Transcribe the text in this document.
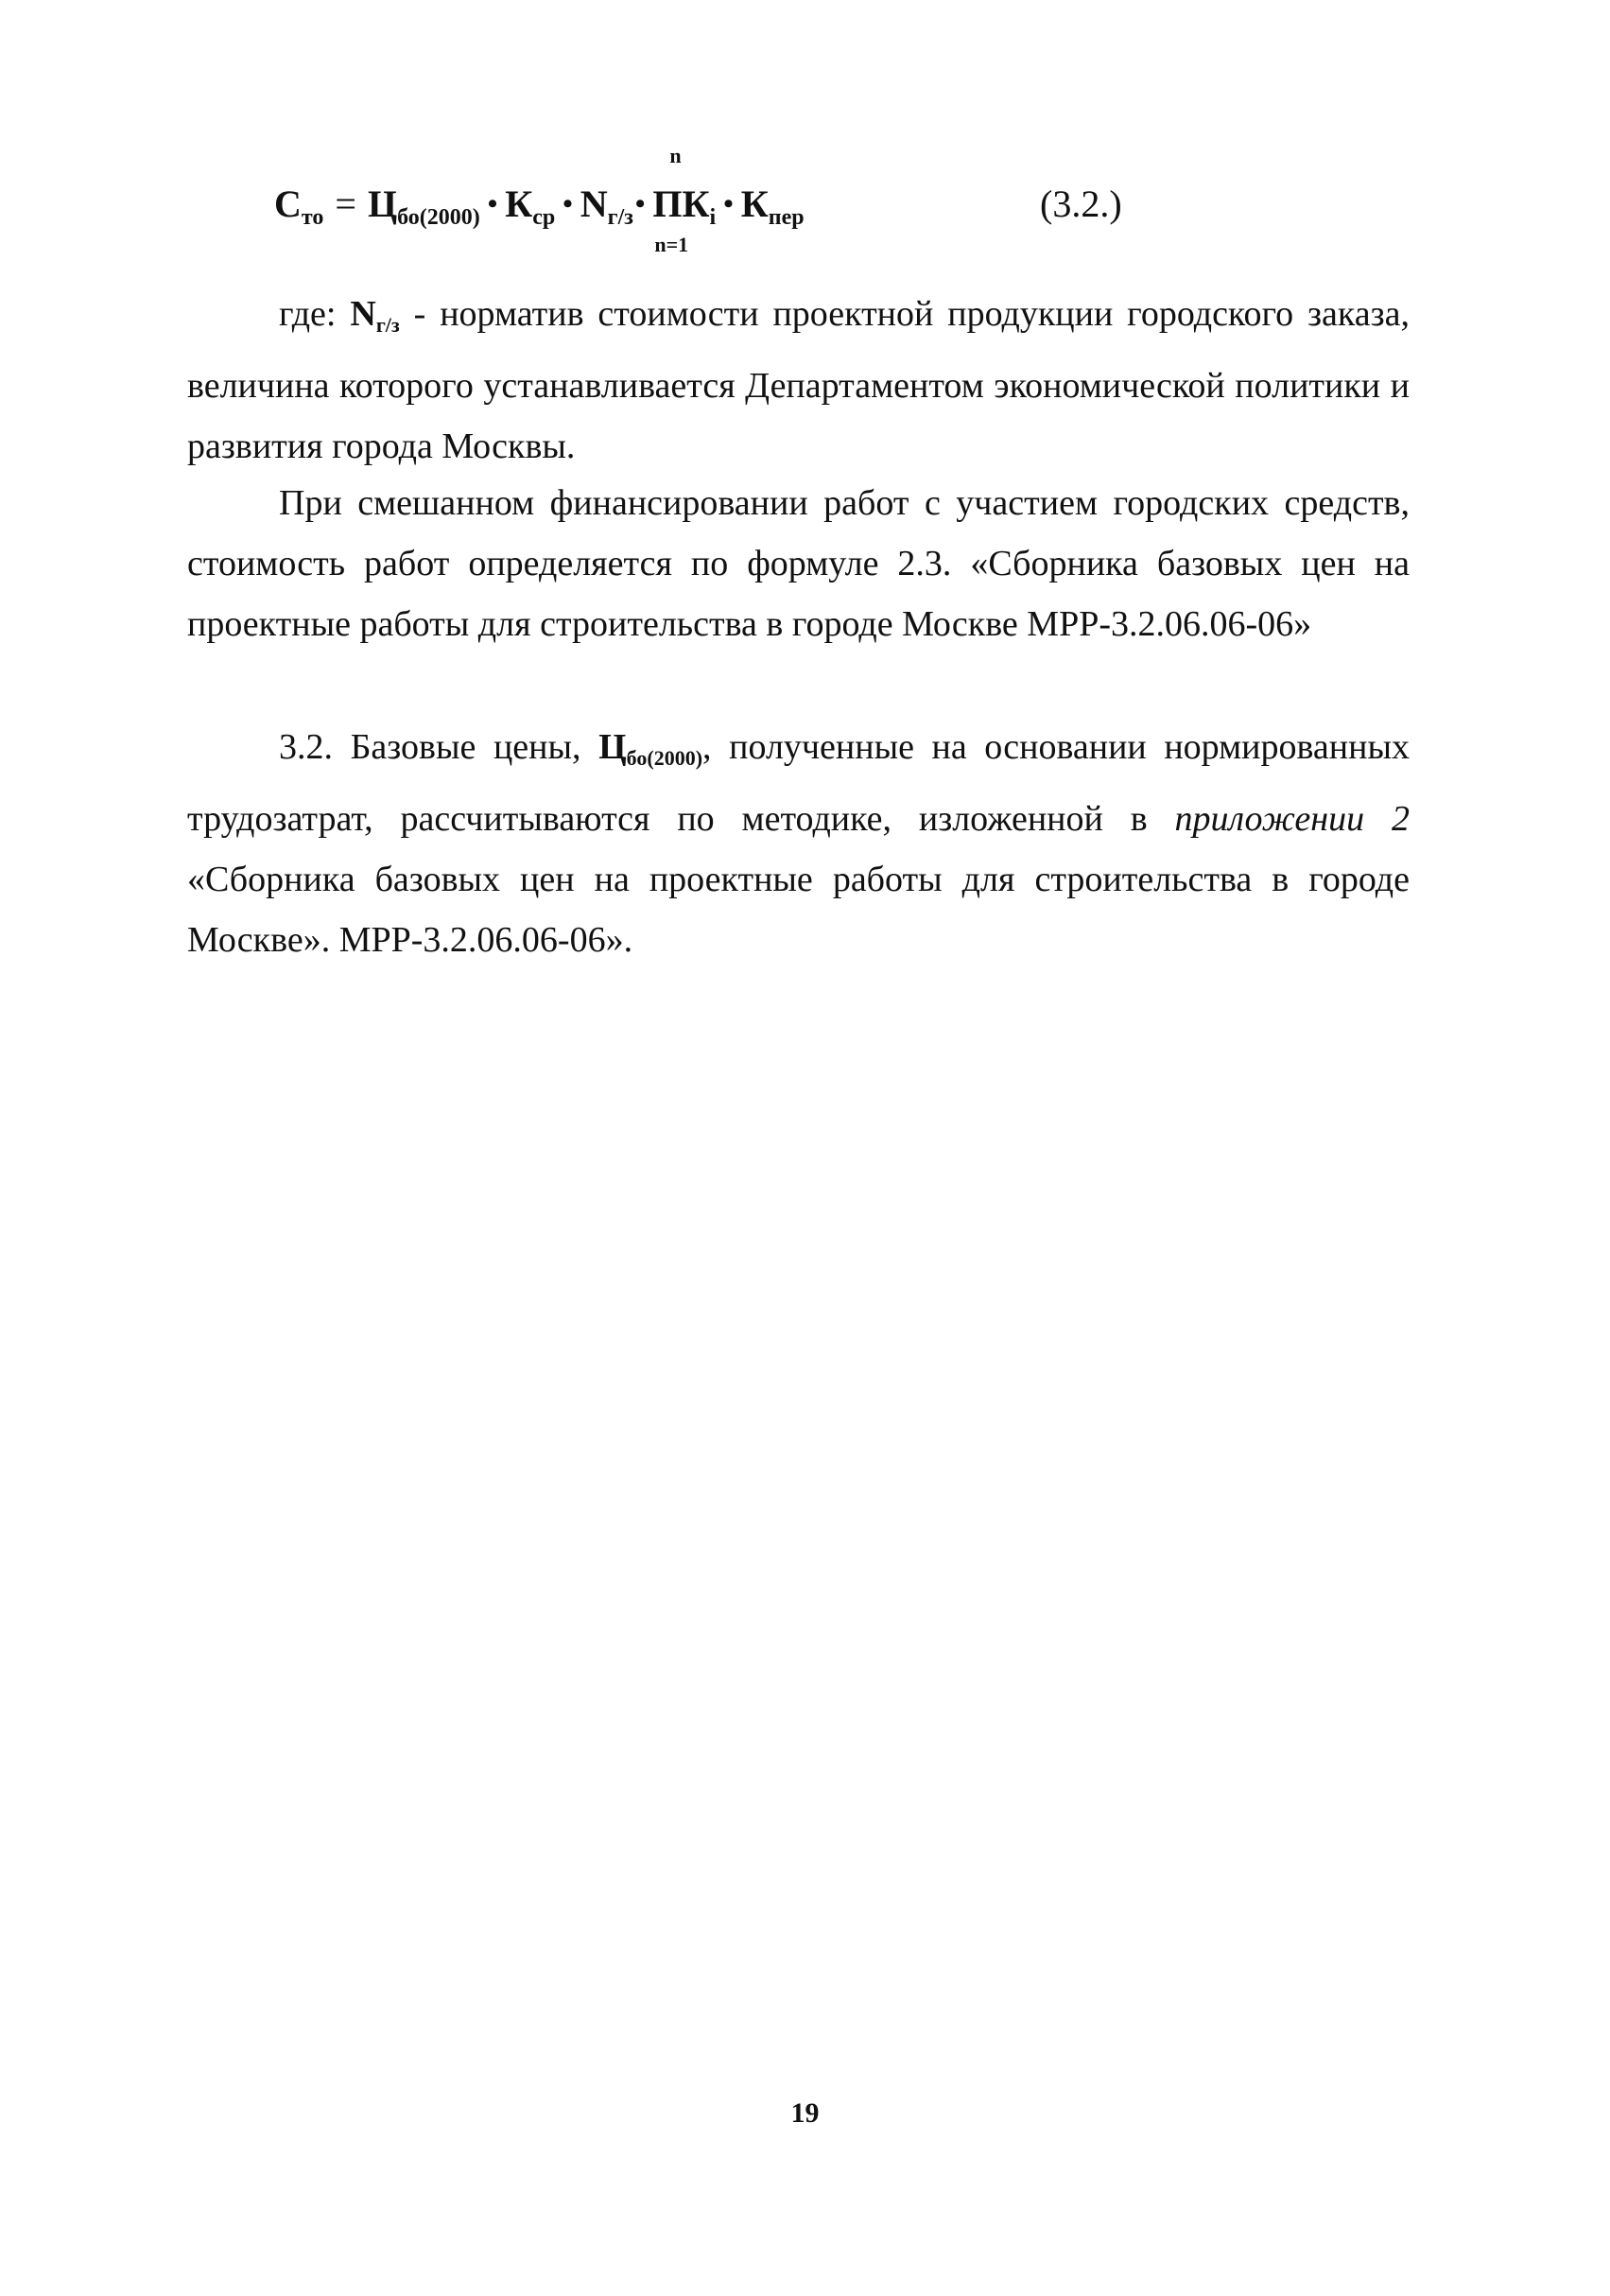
$С_{то} = Ц_{бо(2000)}$ • $К_{ср}$ • $N_{г/з}•$
n
$ПК_i$
n=1
• $К_{пер}$	(3.2.)

где: Nг/з - норматив стоимости проектной продукции городского заказа, величина которого устанавливается Департаментом экономической политики и развития города Москвы.

При смешанном финансировании работ с участием городских средств, стоимость работ определяется по формуле 2.3. «Сборника базовых цен на проектные работы для строительства в городе Москве МРР-3.2.06.06-06»

3.2. Базовые цены, Цбо(2000), полученные на основании нормированных трудозатрат, рассчитываются по методике, изложенной в приложении 2 «Сборника базовых цен на проектные работы для строительства в городе Москве». МРР-3.2.06.06-06».

19
